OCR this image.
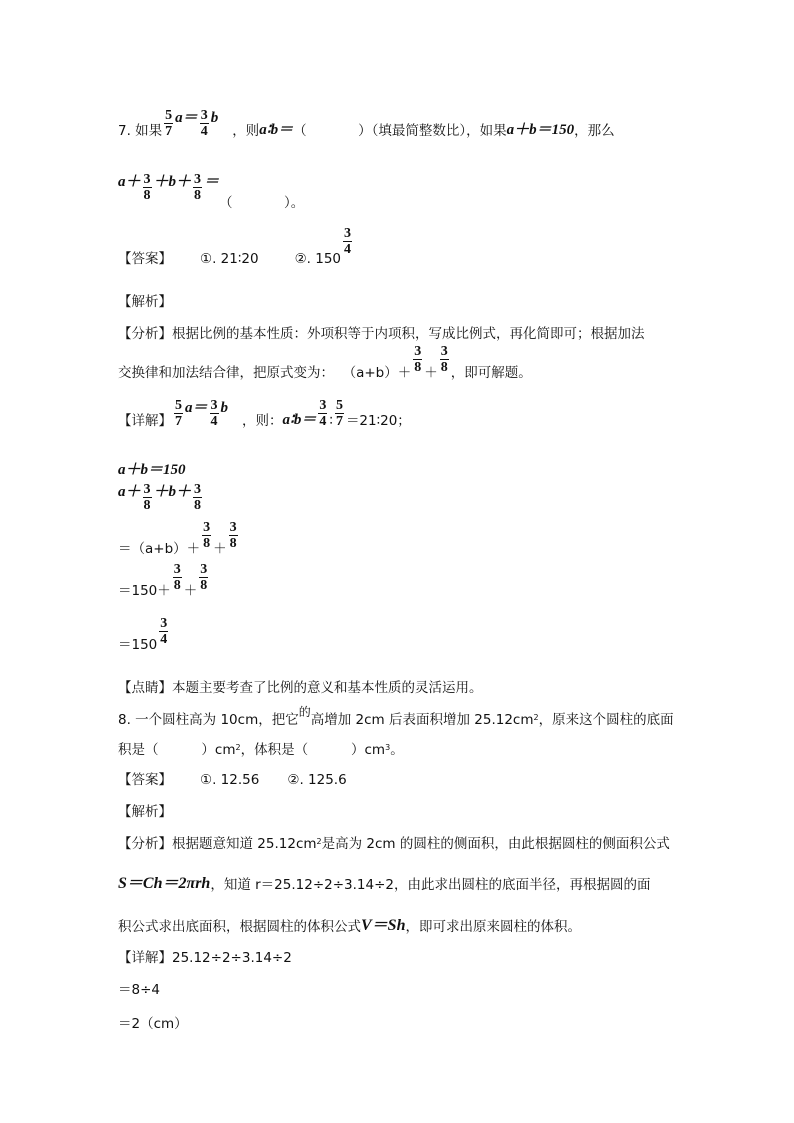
7. 如果
5
7
a＝ 3
4
b
，则 a∶b＝ （            ）（填最简整数比），如果 a＋b＝150 ，那么
a＋ 3
8
＋b＋ 3
8
＝
（            ）。
【答案】 ①. 21∶20	②. 150
3
4
【解析】
【分析】根据比例的基本性质：外项积等于内项积，写成比例式，再化简即可；根据加法
交换律和加法结合律，把原式变为：  （a+b）＋
3
8 ＋
3
8 ，即可解题。
【详解】
5
7
a＝ 3
4
b
，则： a∶b＝
3
4 ∶
5
7 ＝21∶20；
a＋b＝150
a＋ 3
8
＋b＋ 3
8
＝（a+b）＋
3
8 ＋
3
8
＝150＋
3
8 ＋
3
8
＝150
3
4
【点睛】本题主要考查了比例的意义和基本性质的灵活运用。
8. 一个圆柱高为 10cm，把它 的 高增加 2cm 后表面积增加 25.12cm 2 ，原来这个圆柱的底面
积是（          ）cm 2 ，体积是（          ）cm 3 。
【答案】 ①. 12.56 ②. 125.6
【解析】
【分析】根据题意知道 25.12cm 2 是高为 2cm 的圆柱的侧面积，由此根据圆柱的侧面积公式
S＝Ch＝2πrh ，知道 r＝25.12÷2÷3.14÷2，由此求出圆柱的底面半径，再根据圆的面
积公式求出底面积，根据圆柱的体积公式 V＝Sh ，即可求出原来圆柱的体积。
【详解】25.12÷2÷3.14÷2
＝8÷4
＝2（cm）
